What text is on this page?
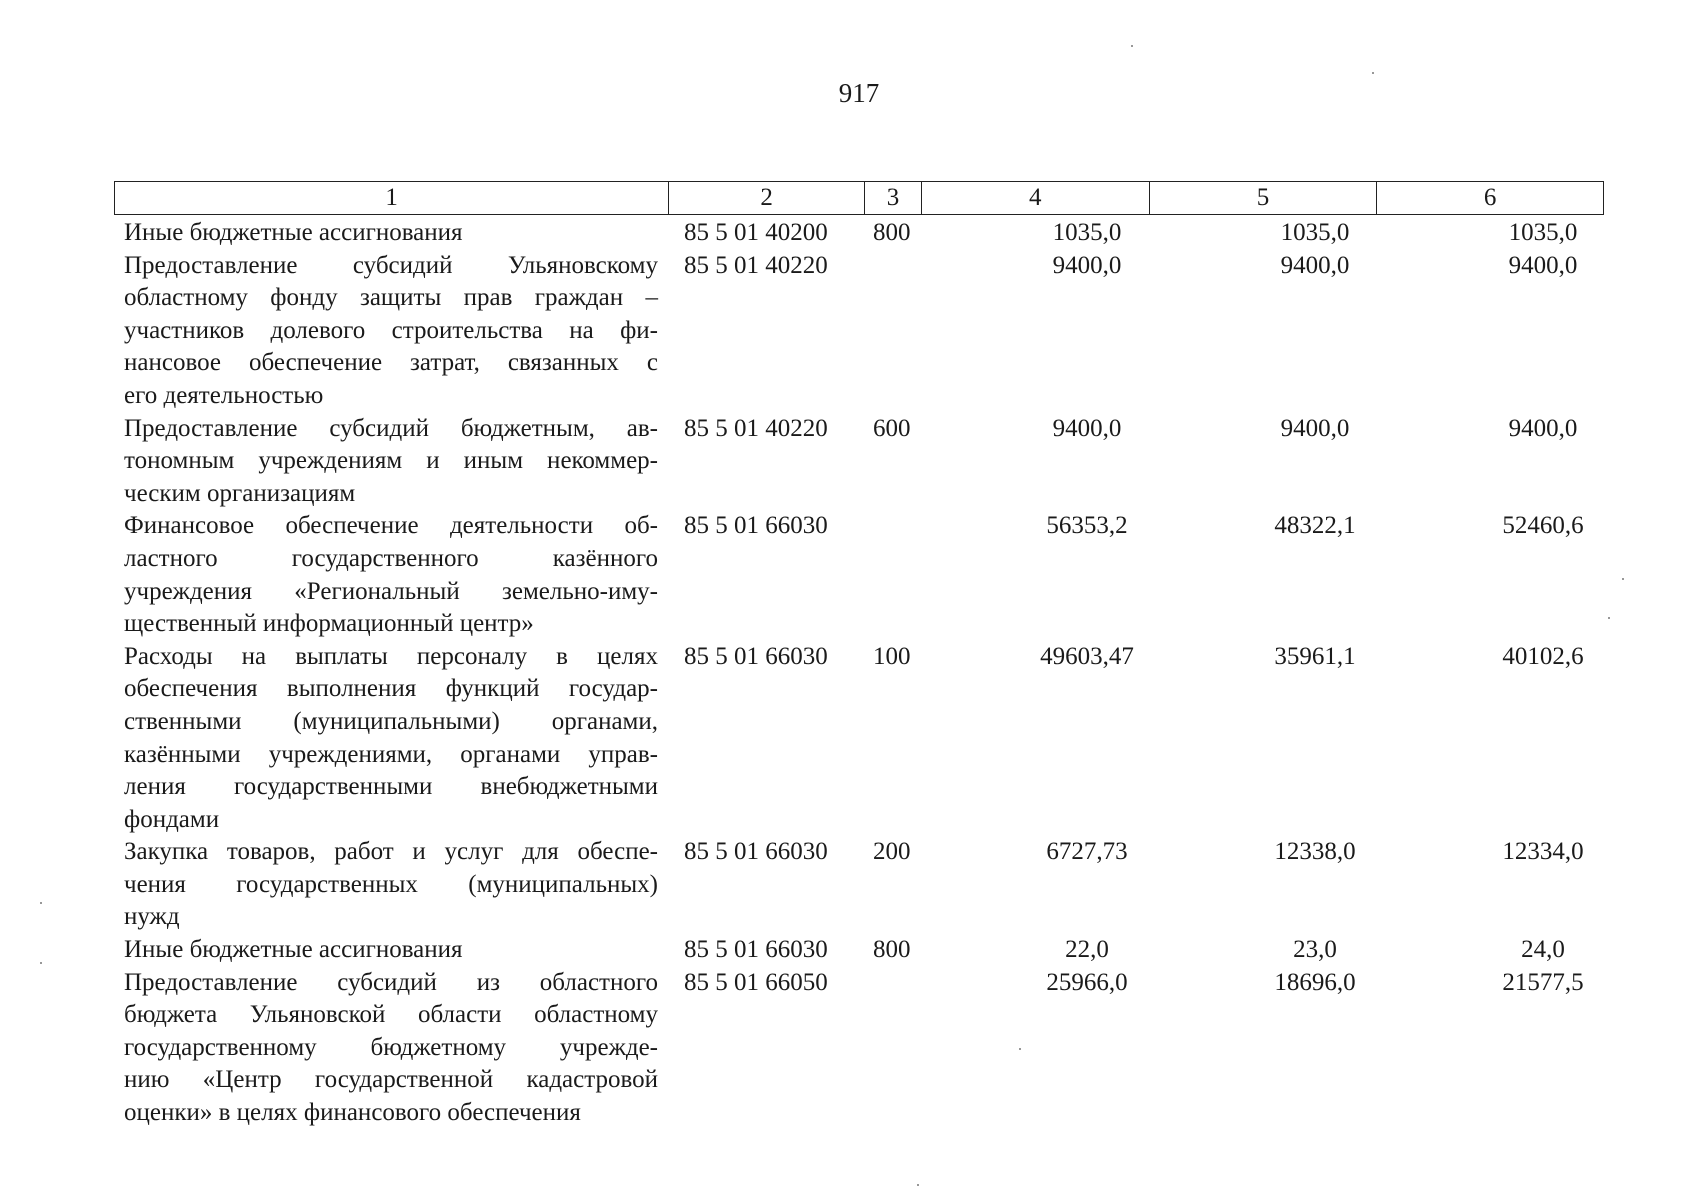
917
1	2	3	4	5	6
Иные бюджетные ассигнования	85 5 01 40200 800	1035,0	1035,0	1035,0
Предоставление субсидий Ульяновскому
областному фонду защиты прав граждан –
участников долевого строительства на фи-
нансовое обеспечение затрат, связанных с
его деятельностью
85 5 01 40220	9400,0	9400,0	9400,0
Предоставление субсидий бюджетным, ав-
тономным учреждениям и иным некоммер-
ческим организациям
85 5 01 40220 600	9400,0	9400,0	9400,0
Финансовое обеспечение деятельности об-
ластного государственного казённого
учреждения «Региональный земельно-иму-
щественный информационный центр»
85 5 01 66030	56353,2	48322,1	52460,6
Расходы на выплаты персоналу в целях
обеспечения выполнения функций государ-
ственными (муниципальными) органами,
казёнными учреждениями, органами управ-
ления государственными внебюджетными
фондами
85 5 01 66030 100	49603,47	35961,1	40102,6
Закупка товаров, работ и услуг для обеспе-
чения государственных (муниципальных)
нужд
85 5 01 66030 200	6727,73	12338,0	12334,0
Иные бюджетные ассигнования	85 5 01 66030 800	22,0	23,0	24,0
Предоставление субсидий из областного
бюджета Ульяновской области областному
государственному бюджетному учрежде-
нию «Центр государственной кадастровой
оценки» в целях финансового обеспечения
85 5 01 66050	25966,0	18696,0	21577,5
